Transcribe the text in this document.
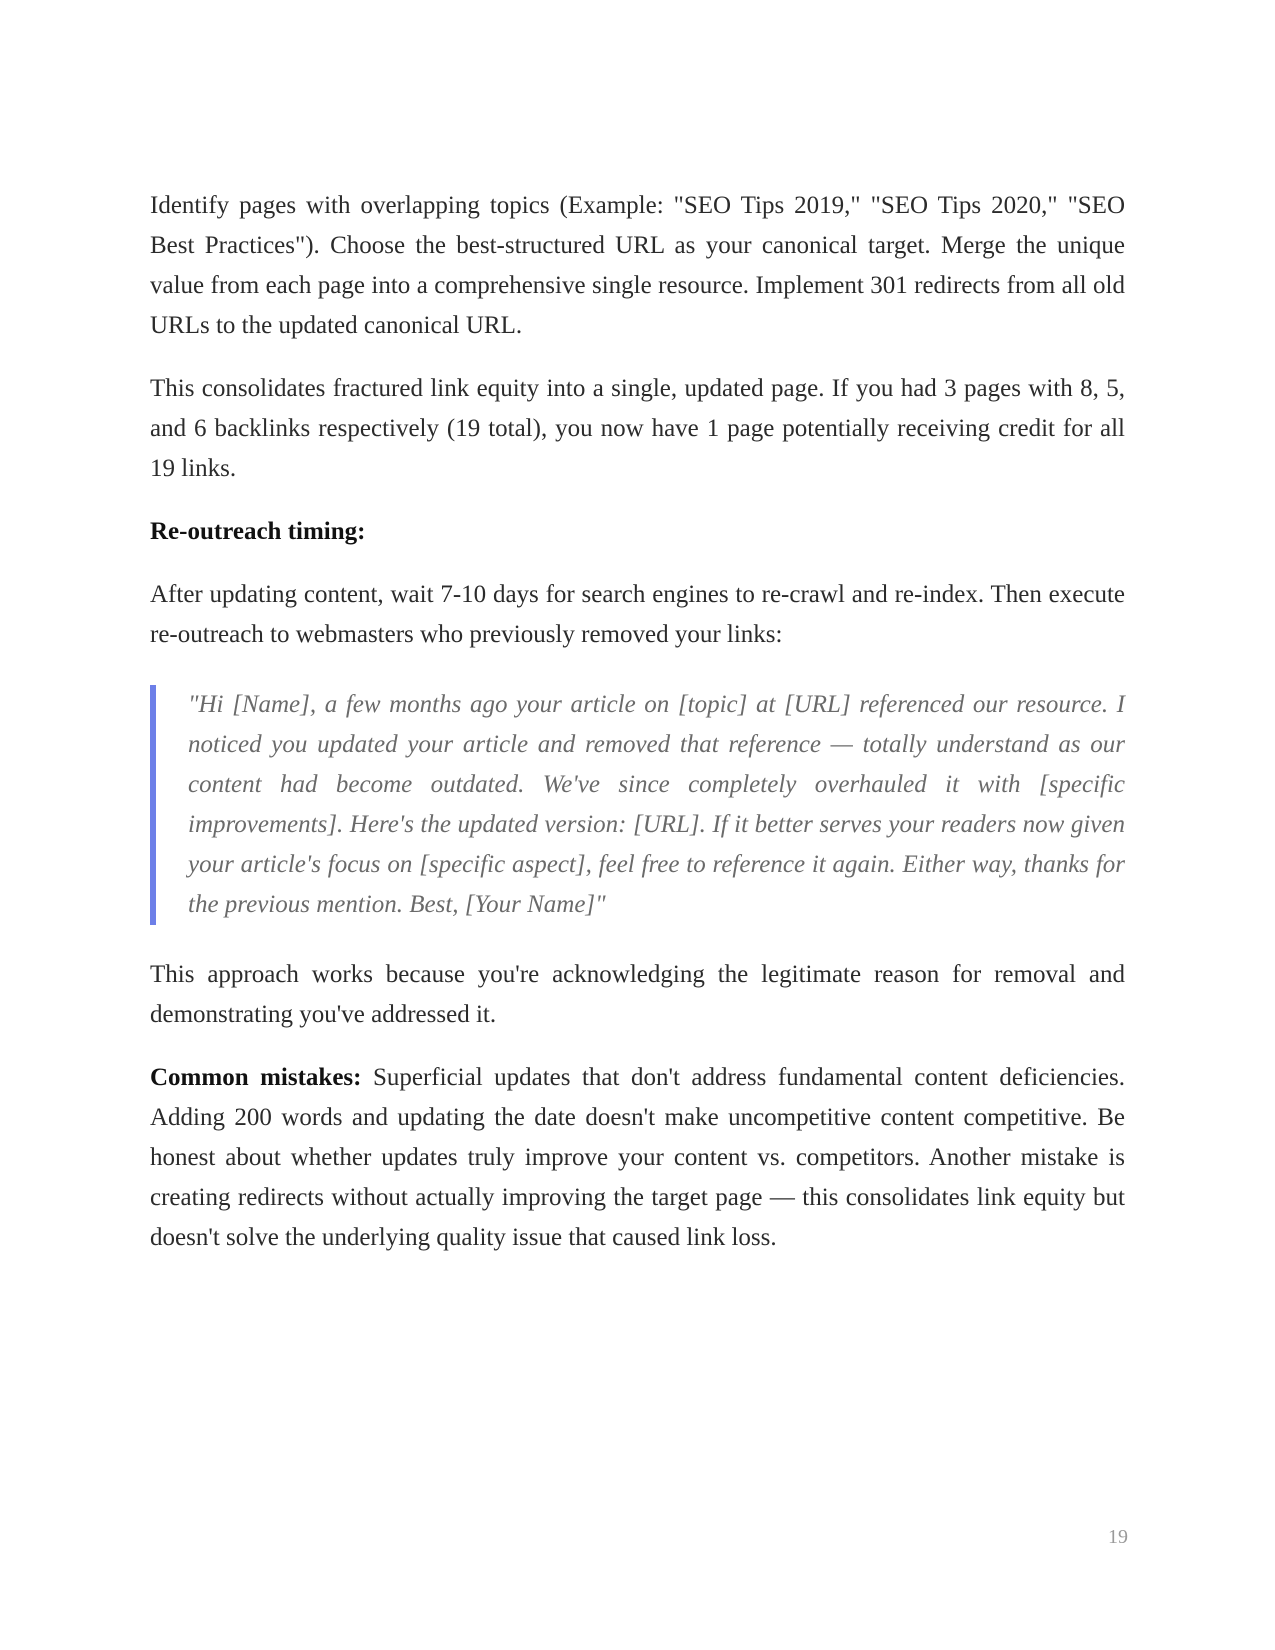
Identify pages with overlapping topics (Example: "SEO Tips 2019," "SEO Tips 2020," "SEO Best Practices"). Choose the best-structured URL as your canonical target. Merge the unique value from each page into a comprehensive single resource. Implement 301 redirects from all old URLs to the updated canonical URL.

This consolidates fractured link equity into a single, updated page. If you had 3 pages with 8, 5, and 6 backlinks respectively (19 total), you now have 1 page potentially receiving credit for all 19 links.

Re-outreach timing:

After updating content, wait 7-10 days for search engines to re-crawl and re-index. Then execute re-outreach to webmasters who previously removed your links:

"Hi [Name], a few months ago your article on [topic] at [URL] referenced our resource. I noticed you updated your article and removed that reference — totally understand as our content had become outdated. We've since completely overhauled it with [specific improvements]. Here's the updated version: [URL]. If it better serves your readers now given your article's focus on [specific aspect], feel free to reference it again. Either way, thanks for the previous mention. Best, [Your Name]"

This approach works because you're acknowledging the legitimate reason for removal and demonstrating you've addressed it.

Common mistakes: Superficial updates that don't address fundamental content deficiencies. Adding 200 words and updating the date doesn't make uncompetitive content competitive. Be honest about whether updates truly improve your content vs. competitors. Another mistake is creating redirects without actually improving the target page — this consolidates link equity but doesn't solve the underlying quality issue that caused link loss.

19
